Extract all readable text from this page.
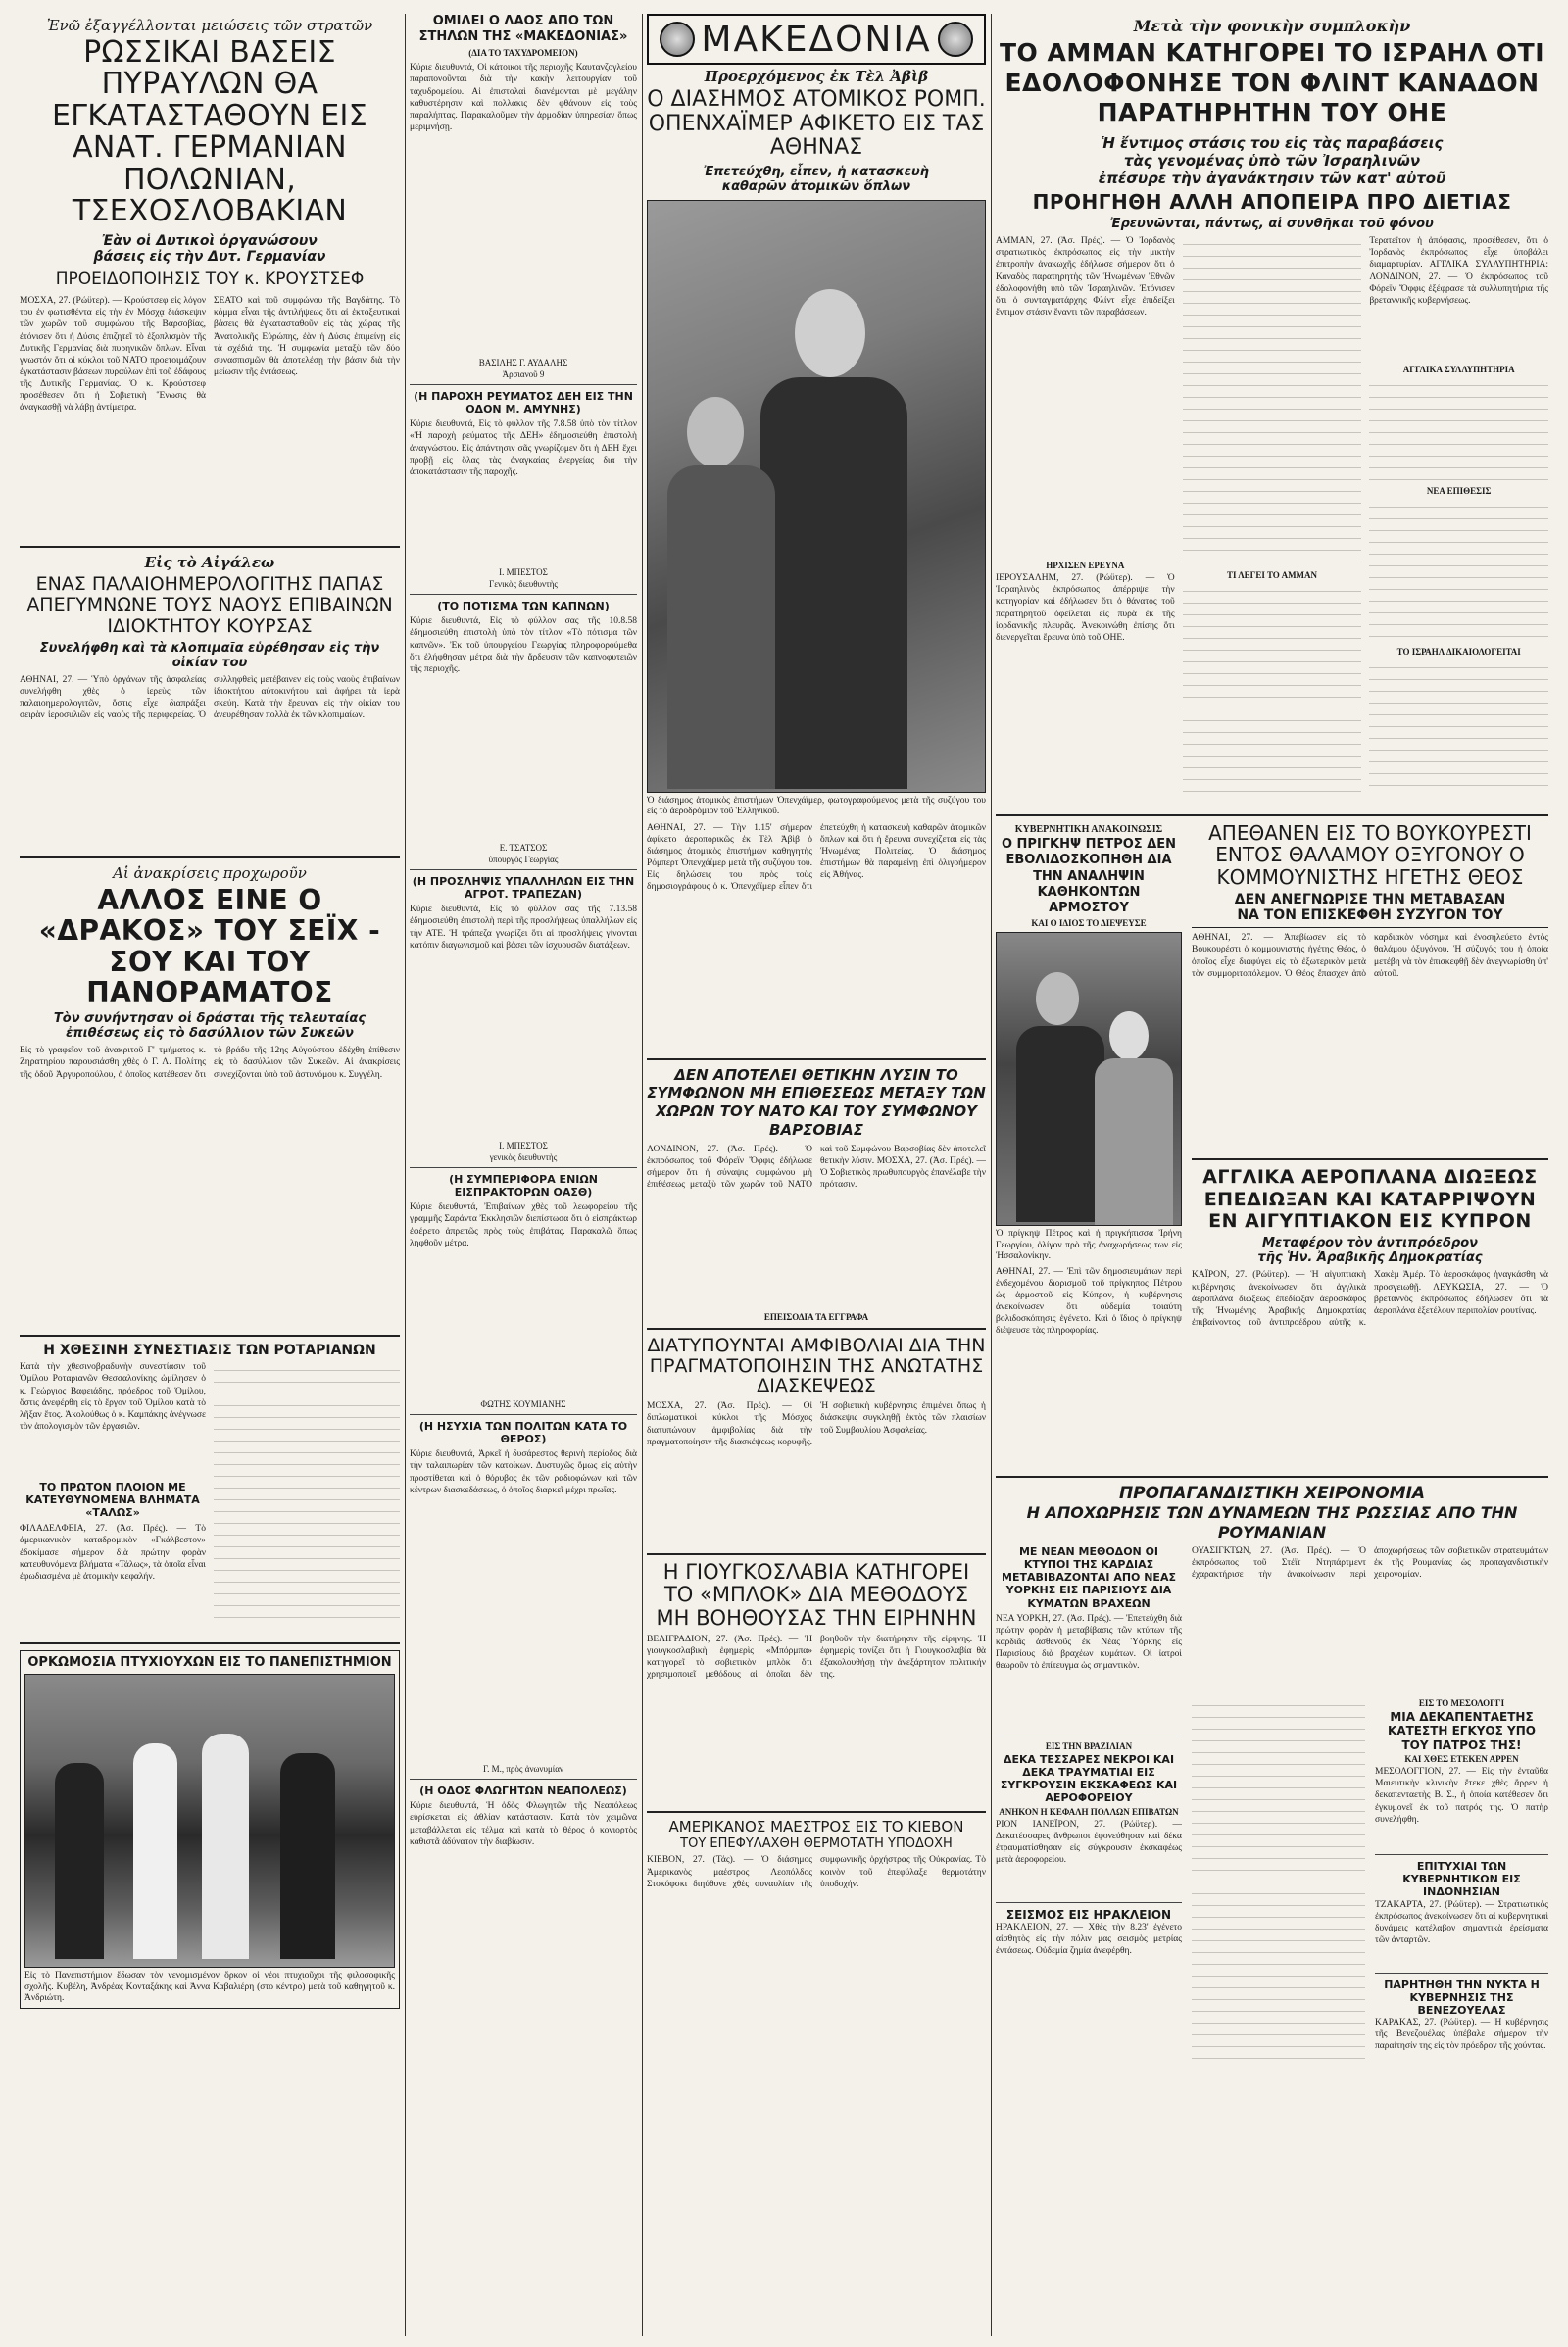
Ἐνῶ ἐξαγγέλλονται μειώσεις τῶν στρατῶν
ΡΩΣΣΙΚΑΙ ΒΑΣΕΙΣ ΠΥΡΑΥΛΩΝ ΘΑ ΕΓΚΑΤΑΣΤΑΘΟΥΝ ΕΙΣ ΑΝΑΤ. ΓΕΡΜΑΝΙΑΝ ΠΟΛΩΝΙΑΝ, ΤΣΕΧΟΣΛΟΒΑΚΙΑΝ
Ἐὰν οἱ Δυτικοὶ ὀργανώσουν
βάσεις εἰς τὴν Δυτ. Γερμανίαν
ΠΡΟΕΙΔΟΠΟΙΗΣΙΣ ΤΟΥ κ. ΚΡΟΥΣΤΣΕΦ
ΜΟΣΧΑ, 27. (Ρώϋτερ). — Κρούστσεφ εἰς λόγον του ἐν φωτισθέντα εἰς τὴν ἐν Μόσχᾳ διάσκεψιν τῶν χωρῶν τοῦ συμφώνου τῆς Βαρσοβίας, ἐτόνισεν ὅτι ἡ Δύσις ἐπιζητεῖ τὸ ἐξοπλισμὸν τῆς Δυτικῆς Γερμανίας διὰ πυρηνικῶν ὅπλων. Εἶναι γνωστόν ὅτι οἱ κύκλοι τοῦ ΝΑΤΟ προετοιμάζουν ἐγκατάστασιν βάσεων πυραύλων ἐπὶ τοῦ ἐδάφους τῆς Δυτικῆς Γερμανίας. Ὁ κ. Κρούστσεφ προσέθεσεν ὅτι ἡ Σοβιετικὴ Ἕνωσις θὰ ἀναγκασθῇ νὰ λάβῃ ἀντίμετρα.
ΣΕΑΤΟ καὶ τοῦ συμφώνου τῆς Βαγδάτης. Τὸ κόμμα εἶναι τῆς ἀντιλήψεως ὅτι αἱ ἐκτοξευτικαὶ βάσεις θὰ ἐγκατασταθοῦν εἰς τὰς χώρας τῆς Ἀνατολικῆς Εὐρώπης, ἐὰν ἡ Δύσις ἐπιμείνῃ εἰς τὰ σχέδιά της. Ἡ συμφωνία μεταξὺ τῶν δύο συνασπισμῶν θὰ ἀποτελέσῃ τὴν βάσιν διὰ τὴν μείωσιν τῆς ἐντάσεως.
Εἰς τὸ Αἰγάλεω
ΕΝΑΣ ΠΑΛΑΙΟΗΜΕΡΟΛΟΓΙΤΗΣ ΠΑΠΑΣ ΑΠΕΓΥΜΝΩΝΕ ΤΟΥΣ ΝΑΟΥΣ ΕΠΙΒΑΙΝΩΝ ΙΔΙΟΚΤΗΤΟΥ ΚΟΥΡΣΑΣ
Συνελήφθη καὶ τὰ κλοπιμαῖα εὑρέθησαν εἰς τὴν οἰκίαν του
ΑΘΗΝΑΙ, 27. — Ὑπὸ ὀργάνων τῆς ἀσφαλείας συνελήφθη χθὲς ὁ ἱερεὺς τῶν παλαιοημερολογιτῶν, ὅστις εἶχε διαπράξει σειρὰν ἱεροσυλιῶν εἰς ναοὺς τῆς περιφερείας. Ὁ συλληφθεὶς μετέβαινεν εἰς τοὺς ναοὺς ἐπιβαίνων ἰδιοκτήτου αὐτοκινήτου καὶ ἀφήρει τὰ ἱερὰ σκεύη. Κατὰ τὴν ἔρευναν εἰς τὴν οἰκίαν του ἀνευρέθησαν πολλὰ ἐκ τῶν κλοπιμαίων.
Αἱ ἀνακρίσεις προχωροῦν
ΑΛΛΟΣ ΕΙΝΕ Ο «ΔΡΑΚΟΣ» ΤΟΥ ΣΕΪΧ - ΣΟΥ ΚΑΙ ΤΟΥ ΠΑΝΟΡΑΜΑΤΟΣ
Τὸν συνήντησαν οἱ δράσται τῆς τελευταίας ἐπιθέσεως εἰς τὸ δασύλλιον τῶν Συκεῶν
Εἰς τὸ γραφεῖον τοῦ ἀνακριτοῦ Γ' τμήματος κ. Ζηρατηρίου παρουσιάσθη χθὲς ὁ Γ. Λ. Πολίτης τῆς ὁδοῦ Ἀργυροπούλου, ὁ ὁποῖος κατέθεσεν ὅτι τὸ βράδυ τῆς 12ης Αὐγούστου ἐδέχθη ἐπίθεσιν εἰς τὸ δασύλλιον τῶν Συκεῶν. Αἱ ἀνακρίσεις συνεχίζονται ὑπὸ τοῦ ἀστυνόμου κ. Συγγέλη.
Η ΧΘΕΣΙΝΗ ΣΥΝΕΣΤΙΑΣΙΣ ΤΩΝ ΡΟΤΑΡΙΑΝΩΝ
Κατὰ τὴν χθεσινοβραδυνὴν συνεστίασιν τοῦ Ὁμίλου Ροταριανῶν Θεσσαλονίκης ὡμίλησεν ὁ κ. Γεώργιος Βαφειάδης, πρόεδρος τοῦ Ὁμίλου, ὅστις ἀνεφέρθη εἰς τὸ ἔργον τοῦ Ὁμίλου κατὰ τὸ λῆξαν ἔτος. Ἀκολούθως ὁ κ. Καμπάκης ἀνέγνωσε τὸν ἀπολογισμὸν τῶν ἐργασιῶν.
ΤΟ ΠΡΩΤΟΝ ΠΛΟΙΟΝ ΜΕ ΚΑΤΕΥΘΥΝΟΜΕΝΑ ΒΛΗΜΑΤΑ «ΤΑΛΩΣ»
ΦΙΛΑΔΕΛΦΕΙΑ, 27. (Ἀσ. Πρές). — Τὸ ἀμερικανικὸν καταδρομικὸν «Γκάλβεστον» ἐδοκίμασε σήμερον διὰ πρώτην φορὰν κατευθυνόμενα βλήματα «Τάλως», τὰ ὁποῖα εἶναι ἐφωδιασμένα μὲ ἀτομικὴν κεφαλήν.
ΟΡΚΩΜΟΣΙΑ ΠΤΥΧΙΟΥΧΩΝ ΕΙΣ ΤΟ ΠΑΝΕΠΙΣΤΗΜΙΟΝ
Εἰς τὸ Πανεπιστήμιον ἔδωσαν τὸν νενομισμένον ὅρκον οἱ νέοι πτυχιοῦχοι τῆς φιλοσοφικῆς σχολῆς. Κυβέλη, Ἀνδρέας Κονταξάκης καὶ Ἀννα Καβαλιέρη (στο κέντρο) μετὰ τοῦ καθηγητοῦ κ. Ἀνδριώτη.
ΟΜΙΛΕΙ Ο ΛΑΟΣ ΑΠΟ ΤΩΝ ΣΤΗΛΩΝ ΤΗΣ «ΜΑΚΕΔΟΝΙΑΣ»
(ΔΙΑ ΤΟ ΤΑΧΥΔΡΟΜΕΙΟΝ)
Κύριε διευθυντά, Οἱ κάτοικοι τῆς περιοχῆς Καυτανζογλείου παραπονοῦνται διὰ τὴν κακὴν λειτουργίαν τοῦ ταχυδρομείου. Αἱ ἐπιστολαὶ διανέμονται μὲ μεγάλην καθυστέρησιν καὶ πολλάκις δὲν φθάνουν εἰς τοὺς παραλήπτας. Παρακαλοῦμεν τὴν ἁρμοδίαν ὑπηρεσίαν ὅπως μεριμνήσῃ.
ΒΑΣΙΛΗΣ Γ. ΑΥΔΑΛΗΣ
Ἀρσιανοῦ 9
(Η ΠΑΡΟΧΗ ΡΕΥΜΑΤΟΣ ΔΕΗ ΕΙΣ ΤΗΝ ΟΔΟΝ Μ. ΑΜΥΝΗΣ)
Κύριε διευθυντά, Εἰς τὸ φύλλον τῆς 7.8.58 ὑπὸ τὸν τίτλον «Ἡ παροχὴ ρεύματος τῆς ΔΕΗ» ἐδημοσιεύθη ἐπιστολὴ ἀναγνώστου. Εἰς ἀπάντησιν σᾶς γνωρίζομεν ὅτι ἡ ΔΕΗ ἔχει προβῇ εἰς ὅλας τὰς ἀναγκαίας ἐνεργείας διὰ τὴν ἀποκατάστασιν τῆς παροχῆς.
Ι. ΜΠΕΣΤΟΣ
Γενικὸς διευθυντὴς
(ΤΟ ΠΟΤΙΣΜΑ ΤΩΝ ΚΑΠΝΩΝ)
Κύριε διευθυντά, Εἰς τὸ φύλλον σας τῆς 10.8.58 ἐδημοσιεύθη ἐπιστολὴ ὑπὸ τὸν τίτλον «Τὸ πότισμα τῶν καπνῶν». Ἐκ τοῦ ὑπουργείου Γεωργίας πληροφορούμεθα ὅτι ἐλήφθησαν μέτρα διὰ τὴν ἄρδευσιν τῶν καπνοφυτειῶν τῆς περιοχῆς.
Ε. ΤΣΑΤΣΟΣ
ὑπουργὸς Γεωργίας
(Η ΠΡΟΣΛΗΨΙΣ ΥΠΑΛΛΗΛΩΝ ΕΙΣ ΤΗΝ ΑΓΡΟΤ. ΤΡΑΠΕΖΑΝ)
Κύριε διευθυντά, Εἰς τὸ φύλλον σας τῆς 7.13.58 ἐδημοσιεύθη ἐπιστολὴ περὶ τῆς προσλήψεως ὑπαλλήλων εἰς τὴν ΑΤΕ. Ἡ τράπεζα γνωρίζει ὅτι αἱ προσλήψεις γίνονται κατόπιν διαγωνισμοῦ καὶ βάσει τῶν ἰσχυουσῶν διατάξεων.
Ι. ΜΠΕΣΤΟΣ
γενικὸς διευθυντὴς
(Η ΣΥΜΠΕΡΙΦΟΡΑ ΕΝΙΩΝ ΕΙΣΠΡΑΚΤΟΡΩΝ ΟΑΣΘ)
Κύριε διευθυντά, Ἐπιβαίνων χθὲς τοῦ λεωφορείου τῆς γραμμῆς Σαράντα Ἐκκλησιῶν διεπίστωσα ὅτι ὁ εἰσπράκτωρ ἐφέρετο ἀπρεπῶς πρὸς τοὺς ἐπιβάτας. Παρακαλῶ ὅπως ληφθοῦν μέτρα.
ΦΩΤΗΣ ΚΟΥΜΙΑΝΗΣ
(Η ΗΣΥΧΙΑ ΤΩΝ ΠΟΛΙΤΩΝ ΚΑΤΑ ΤΟ ΘΕΡΟΣ)
Κύριε διευθυντά, Ἀρκεῖ ἡ δυσάρεστος θερινὴ περίοδος διὰ τὴν ταλαιπωρίαν τῶν κατοίκων. Δυστυχῶς ὅμως εἰς αὐτὴν προστίθεται καὶ ὁ θόρυβος ἐκ τῶν ραδιοφώνων καὶ τῶν κέντρων διασκεδάσεως, ὁ ὁποῖος διαρκεῖ μέχρι πρωΐας.
Γ. Μ., πρὸς ἀνωνυμίαν
(Η ΟΔΟΣ ΦΛΩΓΗΤΩΝ ΝΕΑΠΟΛΕΩΣ)
Κύριε διευθυντά, Ἡ ὁδὸς Φλωγητῶν τῆς Νεαπόλεως εὑρίσκεται εἰς ἀθλίαν κατάστασιν. Κατὰ τὸν χειμῶνα μεταβάλλεται εἰς τέλμα καὶ κατὰ τὸ θέρος ὁ κονιορτὸς καθιστᾶ ἀδύνατον τὴν διαβίωσιν.
ΜΑΚΕΔΟΝΙΑ
Προερχόμενος ἐκ Τὲλ Ἀβὶβ
Ο ΔΙΑΣΗΜΟΣ ΑΤΟΜΙΚΟΣ ΡΟΜΠ. ΟΠΕΝΧΑΪΜΕΡ ΑΦΙΚΕΤΟ ΕΙΣ ΤΑΣ ΑΘΗΝΑΣ
Ἐπετεύχθη, εἶπεν, ἡ κατασκευὴ
καθαρῶν ἀτομικῶν ὅπλων
Ὁ διάσημος ἀτομικὸς ἐπιστήμων Ὀπενχάϊμερ, φωτογραφούμενος μετὰ τῆς συζύγου του εἰς τὸ ἀεροδρόμιον τοῦ Ἑλληνικοῦ.
ΑΘΗΝΑΙ, 27. — Τὴν 1.15' σήμερον ἀφίκετο ἀεροπορικῶς ἐκ Τὲλ Ἀβὶβ ὁ διάσημος ἀτομικὸς ἐπιστήμων καθηγητὴς Ρόμπερτ Ὀπενχάϊμερ μετὰ τῆς συζύγου του. Εἰς δηλώσεις του πρὸς τοὺς δημοσιογράφους ὁ κ. Ὀπενχάϊμερ εἶπεν ὅτι ἐπετεύχθη ἡ κατασκευὴ καθαρῶν ἀτομικῶν ὅπλων καὶ ὅτι ἡ ἔρευνα συνεχίζεται εἰς τὰς Ἡνωμένας Πολιτείας. Ὁ διάσημος ἐπιστήμων θὰ παραμείνῃ ἐπὶ ὀλιγοήμερον εἰς Ἀθήνας.
ΔΕΝ ΑΠΟΤΕΛΕΙ ΘΕΤΙΚΗΝ ΛΥΣΙΝ ΤΟ ΣΥΜΦΩΝΟΝ ΜΗ ΕΠΙΘΕΣΕΩΣ ΜΕΤΑΞΥ ΤΩΝ ΧΩΡΩΝ ΤΟΥ ΝΑΤΟ ΚΑΙ ΤΟΥ ΣΥΜΦΩΝΟΥ ΒΑΡΣΟΒΙΑΣ
ΛΟΝΔΙΝΟΝ, 27. (Ἀσ. Πρές). — Ὁ ἐκπρόσωπος τοῦ Φόρεϊν Ὄφφις ἐδήλωσε σήμερον ὅτι ἡ σύναψις συμφώνου μὴ ἐπιθέσεως μεταξὺ τῶν χωρῶν τοῦ ΝΑΤΟ καὶ τοῦ Συμφώνου Βαρσοβίας δὲν ἀποτελεῖ θετικὴν λύσιν. ΜΟΣΧΑ, 27. (Ἀσ. Πρές). — Ὁ Σοβιετικὸς πρωθυπουργὸς ἐπανέλαβε τὴν πρότασιν.
ΕΠΕΙΣΟΔΙΑ ΤΑ ΕΓΓΡΑΦΑ
ΔΙΑΤΥΠΟΥΝΤΑΙ ΑΜΦΙΒΟΛΙΑΙ ΔΙΑ ΤΗΝ ΠΡΑΓΜΑΤΟΠΟΙΗΣΙΝ ΤΗΣ ΑΝΩΤΑΤΗΣ ΔΙΑΣΚΕΨΕΩΣ
ΜΟΣΧΑ, 27. (Ἀσ. Πρές). — Οἱ διπλωματικοὶ κύκλοι τῆς Μόσχας διατυπώνουν ἀμφιβολίας διὰ τὴν πραγματοποίησιν τῆς διασκέψεως κορυφῆς. Ἡ σοβιετικὴ κυβέρνησις ἐπιμένει ὅπως ἡ διάσκεψις συγκληθῇ ἐκτὸς τῶν πλαισίων τοῦ Συμβουλίου Ἀσφαλείας.
Η ΓΙΟΥΓΚΟΣΛΑΒΙΑ ΚΑΤΗΓΟΡΕΙ ΤΟ «ΜΠΛΟΚ» ΔΙΑ ΜΕΘΟΔΟΥΣ ΜΗ ΒΟΗΘΟΥΣΑΣ ΤΗΝ ΕΙΡΗΝΗΝ
ΒΕΛΙΓΡΑΔΙΟΝ, 27. (Ἀσ. Πρές). — Ἡ γιουγκοσλαβικὴ ἐφημερὶς «Μπόρμπα» κατηγορεῖ τὸ σοβιετικὸν μπλὸκ ὅτι χρησιμοποιεῖ μεθόδους αἱ ὁποῖαι δὲν βοηθοῦν τὴν διατήρησιν τῆς εἰρήνης. Ἡ ἐφημερὶς τονίζει ὅτι ἡ Γιουγκοσλαβία θὰ ἐξακολουθήσῃ τὴν ἀνεξάρτητον πολιτικήν της.
ΑΜΕΡΙΚΑΝΟΣ ΜΑΕΣΤΡΟΣ ΕΙΣ ΤΟ ΚΙΕΒΟΝ
ΤΟΥ ΕΠΕΦΥΛΑΧΘΗ ΘΕΡΜΟΤΑΤΗ ΥΠΟΔΟΧΗ
ΚΙΕΒΟΝ, 27. (Τάς). — Ὁ διάσημος Ἀμερικανὸς μαέστρος Λεοπόλδος Στοκόφσκι διηύθυνε χθὲς συναυλίαν τῆς συμφωνικῆς ὀρχήστρας τῆς Οὐκρανίας. Τὸ κοινὸν τοῦ ἐπεφύλαξε θερμοτάτην ὑποδοχήν.
Μετὰ τὴν φονικὴν συμπλοκὴν
ΤΟ ΑΜΜΑΝ ΚΑΤΗΓΟΡΕΙ ΤΟ ΙΣΡΑΗΛ ΟΤΙ ΕΔΟΛΟΦΟΝΗΣΕ ΤΟΝ ΦΛΙΝΤ ΚΑΝΑΔΟΝ ΠΑΡΑΤΗΡΗΤΗΝ ΤΟΥ ΟΗΕ
Ἡ ἔντιμος στάσις του εἰς τὰς παραβάσεις
τὰς γενομένας ὑπὸ τῶν Ἰσραηλινῶν
ἐπέσυρε τὴν ἀγανάκτησιν τῶν κατ' αὐτοῦ
ΠΡΟΗΓΗΘΗ ΑΛΛΗ ΑΠΟΠΕΙΡΑ ΠΡΟ ΔΙΕΤΙΑΣ
Ἐρευνῶνται, πάντως, αἱ συνθῆκαι τοῦ φόνου
ΑΜΜΑΝ, 27. (Ἀσ. Πρές). — Ὁ Ἰορδανὸς στρατιωτικὸς ἐκπρόσωπος εἰς τὴν μικτὴν ἐπιτροπὴν ἀνακωχῆς ἐδήλωσε σήμερον ὅτι ὁ Καναδὸς παρατηρητὴς τῶν Ἡνωμένων Ἐθνῶν ἐδολοφονήθη ὑπὸ τῶν Ἰσραηλινῶν. Ἐτόνισεν ὅτι ὁ συνταγματάρχης Φλίντ εἶχε ἐπιδείξει ἔντιμον στάσιν ἔναντι τῶν παραβάσεων.
ΗΡΧΙΣΕΝ ΕΡΕΥΝΑ
ΙΕΡΟΥΣΑΛΗΜ, 27. (Ρώϋτερ). — Ὁ Ἰσραηλινὸς ἐκπρόσωπος ἀπέρριψε τὴν κατηγορίαν καὶ ἐδήλωσεν ὅτι ὁ θάνατος τοῦ παρατηρητοῦ ὀφείλεται εἰς πυρὰ ἐκ τῆς ἰορδανικῆς πλευρᾶς. Ἀνεκοινώθη ἐπίσης ὅτι διενεργεῖται ἔρευνα ὑπὸ τοῦ ΟΗΕ.
ΤΙ ΛΕΓΕΙ ΤΟ ΑΜΜΑΝ
Τερατεῖτον ἡ ἀπόφασις, προσέθεσεν, ὅτι ὁ Ἰορδανὸς ἐκπρόσωπος εἶχε ὑποβάλει διαμαρτυρίαν. ΑΓΓΛΙΚΑ ΣΥΛΛΥΠΗΤΗΡΙΑ: ΛΟΝΔΙΝΟΝ, 27. — Ὁ ἐκπρόσωπος τοῦ Φόρεϊν Ὄφφις ἐξέφρασε τὰ συλλυπητήρια τῆς βρεταννικῆς κυβερνήσεως.
ΑΓΓΛΙΚΑ ΣΥΛΛΥΠΗΤΗΡΙΑ
ΝΕΑ ΕΠΙΘΕΣΙΣ
ΤΟ ΙΣΡΑΗΛ ΔΙΚΑΙΟΛΟΓΕΙΤΑΙ
ΚΥΒΕΡΝΗΤΙΚΗ ΑΝΑΚΟΙΝΩΣΙΣ
Ο ΠΡΙΓΚΗΨ ΠΕΤΡΟΣ ΔΕΝ ΕΒΟΛΙΔΟΣΚΟΠΗΘΗ ΔΙΑ ΤΗΝ ΑΝΑΛΗΨΙΝ ΚΑΘΗΚΟΝΤΩΝ ΑΡΜΟΣΤΟΥ
ΚΑΙ Ο ΙΔΙΟΣ ΤΟ ΔΙΕΨΕΥΣΕ
Ὁ πρίγκηψ Πέτρος καὶ ἡ πριγκήπισσα Ἰρήνη Γεωργίου, ὀλίγον πρὸ τῆς ἀναχωρήσεως των εἰς Ἡσσαλονίκην.
ΑΘΗΝΑΙ, 27. — Ἐπὶ τῶν δημοσιευμάτων περὶ ἐνδεχομένου διορισμοῦ τοῦ πρίγκηπος Πέτρου ὡς ἁρμοστοῦ εἰς Κύπρον, ἡ κυβέρνησις ἀνεκοίνωσεν ὅτι οὐδεμία τοιαύτη βολιδοσκόπησις ἐγένετο. Καὶ ὁ ἴδιος ὁ πρίγκηψ διέψευσε τὰς πληροφορίας.
ΑΠΕΘΑΝΕΝ ΕΙΣ ΤΟ ΒΟΥΚΟΥΡΕΣΤΙ ΕΝΤΟΣ ΘΑΛΑΜΟΥ ΟΞΥΓΟΝΟΥ Ο ΚΟΜΜΟΥΝΙΣΤΗΣ ΗΓΕΤΗΣ ΘΕΟΣ
ΔΕΝ ΑΝΕΓΝΩΡΙΣΕ ΤΗΝ ΜΕΤΑΒΑΣΑΝ
ΝΑ ΤΟΝ ΕΠΙΣΚΕΦΘΗ ΣΥΖΥΓΟΝ ΤΟΥ
ΑΘΗΝΑΙ, 27. — Ἀπεβίωσεν εἰς τὸ Βουκουρέστι ὁ κομμουνιστὴς ἡγέτης Θέος, ὁ ὁποῖος εἶχε διαφύγει εἰς τὸ ἐξωτερικὸν μετὰ τὸν συμμοριτοπόλεμον. Ὁ Θέος ἔπασχεν ἀπὸ καρδιακὸν νόσημα καὶ ἐνοσηλεύετο ἐντὸς θαλάμου ὀξυγόνου. Ἡ σύζυγός του ἡ ὁποία μετέβη νὰ τὸν ἐπισκεφθῇ δὲν ἀνεγνωρίσθη ὑπ' αὐτοῦ.
ΑΓΓΛΙΚΑ ΑΕΡΟΠΛΑΝΑ ΔΙΩΞΕΩΣ ΕΠΕΔΙΩΞΑΝ ΚΑΙ ΚΑΤΑΡΡΙΨΟΥΝ ΕΝ ΑΙΓΥΠΤΙΑΚΟΝ ΕΙΣ ΚΥΠΡΟΝ
Μεταφέρον τὸν ἀντιπρόεδρον
τῆς Ἡν. Ἀραβικῆς Δημοκρατίας
ΚΑΪΡΟΝ, 27. (Ρώϋτερ). — Ἡ αἰγυπτιακὴ κυβέρνησις ἀνεκοίνωσεν ὅτι ἀγγλικὰ ἀεροπλάνα διώξεως ἐπεδίωξαν ἀεροσκάφος τῆς Ἡνωμένης Ἀραβικῆς Δημοκρατίας ἐπιβαίνοντος τοῦ ἀντιπροέδρου αὐτῆς κ. Χακὲμ Ἀμέρ. Τὸ ἀεροσκάφος ἠναγκάσθη νὰ προσγειωθῇ. ΛΕΥΚΩΣΙΑ, 27. — Ὁ βρεταννὸς ἐκπρόσωπος ἐδήλωσεν ὅτι τὰ ἀεροπλάνα ἐξετέλουν περιπολίαν ρουτίνας.
ΠΡΟΠΑΓΑΝΔΙΣΤΙΚΗ ΧΕΙΡΟΝΟΜΙΑ
Η ΑΠΟΧΩΡΗΣΙΣ ΤΩΝ ΔΥΝΑΜΕΩΝ ΤΗΣ ΡΩΣΣΙΑΣ ΑΠΟ ΤΗΝ ΡΟΥΜΑΝΙΑΝ
ΜΕ ΝΕΑΝ ΜΕΘΟΔΟΝ ΟΙ ΚΤΥΠΟΙ ΤΗΣ ΚΑΡΔΙΑΣ ΜΕΤΑΒΙΒΑΖΟΝΤΑΙ ΑΠΟ ΝΕΑΣ ΥΟΡΚΗΣ ΕΙΣ ΠΑΡΙΣΙΟΥΣ ΔΙΑ ΚΥΜΑΤΩΝ ΒΡΑΧΕΩΝ
ΝΕΑ ΥΟΡΚΗ, 27. (Ἀσ. Πρές). — Ἐπετεύχθη διὰ πρώτην φορὰν ἡ μεταβίβασις τῶν κτύπων τῆς καρδιᾶς ἀσθενοῦς ἐκ Νέας Ὑόρκης εἰς Παρισίους διὰ βραχέων κυμάτων. Οἱ ἰατροὶ θεωροῦν τὸ ἐπίτευγμα ὡς σημαντικὸν.
ΕΙΣ ΤΗΝ ΒΡΑΖΙΛΙΑΝ
ΔΕΚΑ ΤΕΣΣΑΡΕΣ ΝΕΚΡΟΙ ΚΑΙ ΔΕΚΑ ΤΡΑΥΜΑΤΙΑΙ ΕΙΣ ΣΥΓΚΡΟΥΣΙΝ ΕΚΣΚΑΦΕΩΣ ΚΑΙ ΑΕΡΟΦΟΡΕΙΟΥ
ΑΝΗΚΟΝ Η ΚΕΦΑΛΗ ΠΟΛΛΩΝ ΕΠΙΒΑΤΩΝ
ΡΙΟΝ ΙΑΝΕΪΡΟΝ, 27. (Ρώϋτερ). — Δεκατέσσαρες ἄνθρωποι ἐφονεύθησαν καὶ δέκα ἐτραυματίσθησαν εἰς σύγκρουσιν ἐκσκαφέως μετὰ ἀεροφορείου.
ΣΕΙΣΜΟΣ ΕΙΣ ΗΡΑΚΛΕΙΟΝ
ΗΡΑΚΛΕΙΟΝ, 27. — Χθὲς τὴν 8.23' ἐγένετο αἰσθητὸς εἰς τὴν πόλιν μας σεισμὸς μετρίας ἐντάσεως. Οὐδεμία ζημία ἀνεφέρθη.
ΟΥΑΣΙΓΚΤΩΝ, 27. (Ἀσ. Πρές). — Ὁ ἐκπρόσωπος τοῦ Στέϊτ Ντηπάρτμεντ ἐχαρακτήρισε τὴν ἀνακοίνωσιν περὶ ἀποχωρήσεως τῶν σοβιετικῶν στρατευμάτων ἐκ τῆς Ρουμανίας ὡς προπαγανδιστικὴν χειρονομίαν.
ΕΙΣ ΤΟ ΜΕΣΟΛΟΓΓΙ
ΜΙΑ ΔΕΚΑΠΕΝΤΑΕΤΗΣ ΚΑΤΕΣΤΗ ΕΓΚΥΟΣ ΥΠΟ ΤΟΥ ΠΑΤΡΟΣ ΤΗΣ!
ΚΑΙ ΧΘΕΣ ΕΤΕΚΕΝ ΑΡΡΕΝ
ΜΕΣΟΛΟΓΓΙΟΝ, 27. — Εἰς τὴν ἐνταῦθα Μαιευτικὴν κλινικὴν ἔτεκε χθὲς ἄρρεν ἡ δεκαπενταετὴς Β. Σ., ἡ ὁποία κατέθεσεν ὅτι ἐγκυμονεῖ ἐκ τοῦ πατρός της. Ὁ πατὴρ συνελήφθη.
ΕΠΙΤΥΧΙΑΙ ΤΩΝ ΚΥΒΕΡΝΗΤΙΚΩΝ ΕΙΣ ΙΝΔΟΝΗΣΙΑΝ
ΤΖΑΚΑΡΤΑ, 27. (Ρώϋτερ). — Στρατιωτικὸς ἐκπρόσωπος ἀνεκοίνωσεν ὅτι αἱ κυβερνητικαὶ δυνάμεις κατέλαβον σημαντικὰ ἐρείσματα τῶν ἀνταρτῶν.
ΠΑΡΗΤΗΘΗ ΤΗΝ ΝΥΚΤΑ Η ΚΥΒΕΡΝΗΣΙΣ ΤΗΣ ΒΕΝΕΖΟΥΕΛΑΣ
ΚΑΡΑΚΑΣ, 27. (Ρώϋτερ). — Ἡ κυβέρνησις τῆς Βενεζουέλας ὑπέβαλε σήμερον τὴν παραίτησίν της εἰς τὸν πρόεδρον τῆς χούντας.
